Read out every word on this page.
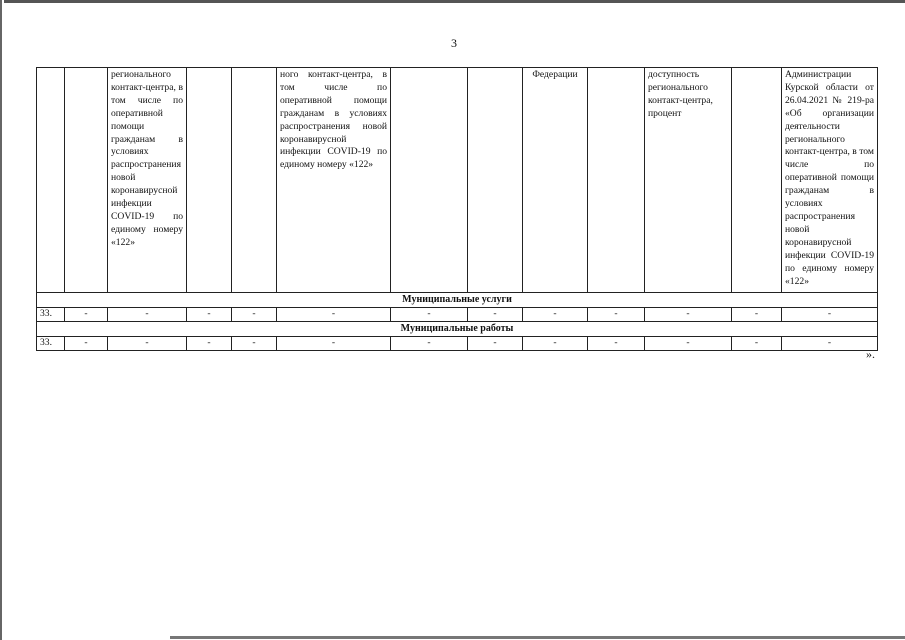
3
		регионального контакт-центра, в том числе по оперативной помощи гражданам в условиях распространения новой коронавирусной инфекции COVID-19 по единому номеру «122»			ного контакт-центра, в том числе по оперативной помощи гражданам в условиях распространения новой коронавирусной инфекции COVID-19 по единому номеру «122»			Федерации		доступность регионального контакт-центра, процент		Администрации Курской области от 26.04.2021 № 219-ра «Об организации деятельности регионального контакт-центра, в том числе по оперативной помощи гражданам в условиях распространения новой коронавирусной инфекции COVID-19 по единому номеру «122»
Муниципальные услуги												
33.	-	-	-	-	-	-	-	-	-	-	-	-
Муниципальные работы												
33.	-	-	-	-	-	-	-	-	-	-	-	-
».
